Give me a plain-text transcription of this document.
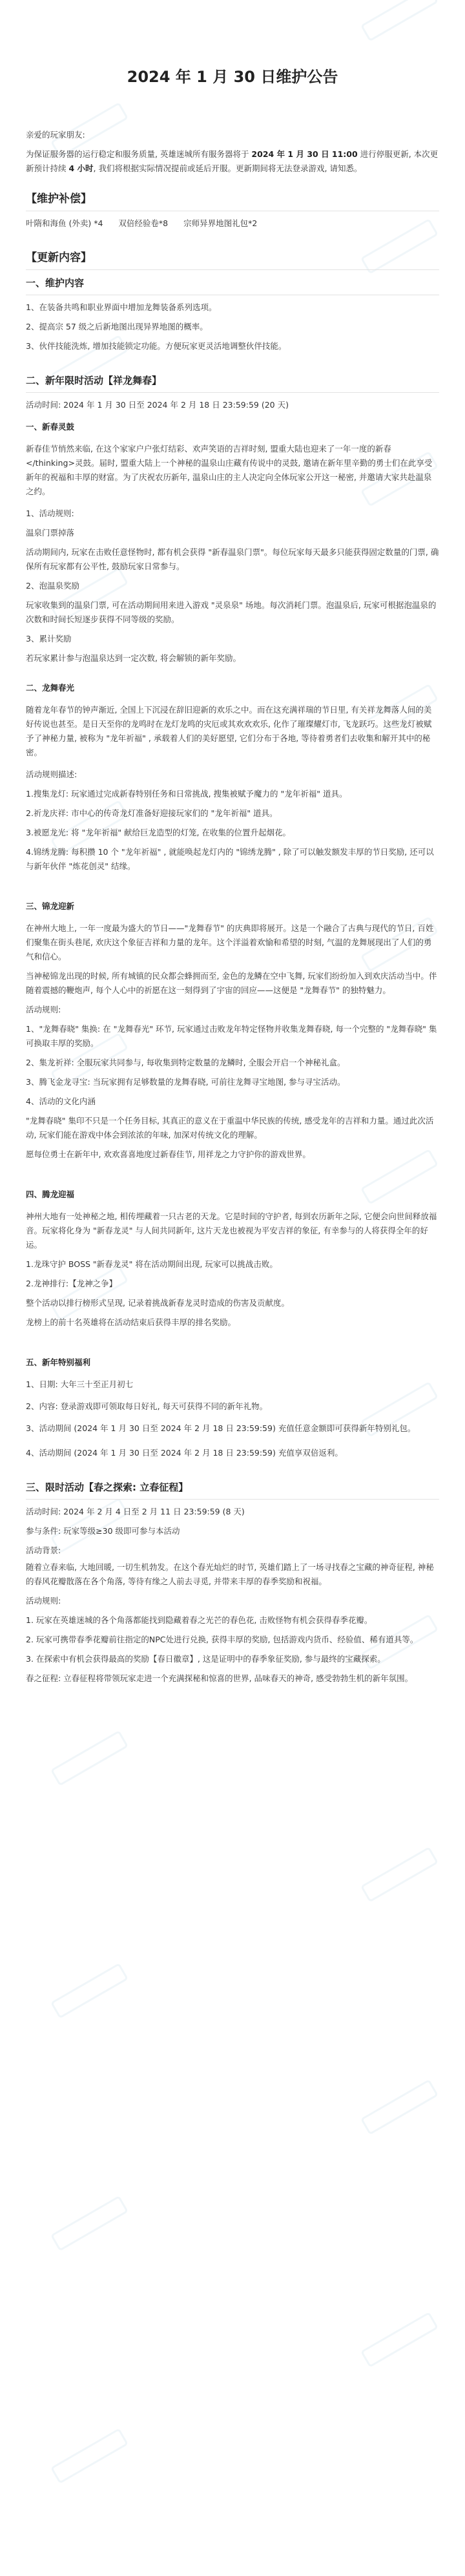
2024 年 1 月 30 日维护公告

亲爱的玩家朋友:

为保证服务器的运行稳定和服务质量, 英雄迷城所有服务器将于 2024 年 1 月 30 日 11:00 进行停服更新, 本次更新预计持续 4 小时, 我们将根据实际情况提前或延后开服。更新期间将无法登录游戏, 请知悉。

【维护补偿】

叶隋和海鱼 (外卖) *4 双倍经验卷*8 宗师异界地图礼包*2

【更新内容】
一、维护内容

1、在装备共鸣和职业界面中增加龙舞装备系列选项。

2、提高宗 57 级之后新地图出现异界地图的概率。

3、伙伴技能洗炼, 增加技能锁定功能。方便玩家更灵活地调整伙伴技能。

二、新年限时活动【祥龙舞春】

活动时间: 2024 年 1 月 30 日至 2024 年 2 月 18 日 23:59:59 (20 天)

一、新春灵鼓

新春佳节悄然来临, 在这个家家户户张灯结彩、欢声笑语的吉祥时刻, 盟重大陆也迎来了一年一度的新春</thinking>灵鼓。届时, 盟重大陆上一个神秘的温泉山庄藏有传说中的灵鼓, 邀请在新年里辛勤的勇士们在此享受新年的祝福和丰厚的财富。为了庆祝农历新年, 温泉山庄的主人决定向全体玩家公开这一秘密, 并邀请大家共赴温泉之约。

1、活动规则:

温泉门票掉落

活动期间内, 玩家在击败任意怪物时, 都有机会获得 "新春温泉门票"。每位玩家每天最多只能获得固定数量的门票, 确保所有玩家都有公平性, 鼓励玩家日常参与。

2、泡温泉奖励

玩家收集到的温泉门票, 可在活动期间用来进入游戏 "灵泉泉" 场地。每次消耗门票。泡温泉后, 玩家可根据泡温泉的次数和时间长短逐步获得不同等级的奖励。

3、累计奖励

若玩家累计参与泡温泉达到一定次数, 将会解锁的新年奖励。

二、龙舞春光

随着龙年春节的钟声渐近, 全国上下沉浸在辞旧迎新的欢乐之中。而在这充满祥瑞的节日里, 有关祥龙舞落人间的美好传说也甚至。是日天至你的龙鸣时在龙灯龙鸣的灾厄或其欢欢欢乐, 化作了璀璨耀灯市, 飞龙跃巧。这些龙灯被赋予了神秘力量, 被称为 "龙年祈福" , 承载着人们的美好愿望, 它们分布于各地, 等待着勇者们去收集和解开其中的秘密。

活动规则描述:

1.搜集龙灯: 玩家通过完成新春特别任务和日常挑战, 搜集被赋予魔力的 "龙年祈福" 道具。

2.祈龙庆祥: 市中心的传奇龙灯准备好迎接玩家们的 "龙年祈福" 道具。

3.被愿龙光: 将 "龙年祈福" 献给巨龙造型的灯笼, 在收集的位置升起烟花。

4.锦绣龙腾: 每积攒 10 个 "龙年祈福" , 就能唤起龙灯内的 "锦绣龙腾" , 除了可以触发额发丰厚的节日奖励, 还可以与新年伙伴 "炼花创灵" 结缘。

三、锦龙迎新

在神州大地上, 一年一度最为盛大的节日——"龙舞春节" 的庆典即将展开。这是一个融合了古典与现代的节日, 百姓们聚集在街头巷尾, 欢庆这个象征吉祥和力量的龙年。这个洋溢着欢愉和希望的时刻, 气温的龙舞展现出了人们的勇气和信心。

当神秘锦龙出现的时候, 所有城镇的民众都会蜂拥而至, 金色的龙鳞在空中飞舞, 玩家们纷纷加入到欢庆活动当中。伴随着震撼的鞭炮声, 每个人心中的祈愿在这一刻得到了宇宙的回应——这便是 "龙舞春节" 的独特魅力。

活动规则:

1、"龙舞春晓" 集换: 在 "龙舞春光" 环节, 玩家通过击败龙年特定怪物并收集龙舞春晓, 每一个完整的 "龙舞春晓" 集可换取丰厚的奖励。

2、集龙祈祥: 全服玩家共同参与, 每收集到特定数量的龙鳞时, 全服会开启一个神秘礼盒。

3、腾飞金龙寻宝: 当玩家拥有足够数量的龙舞春晓, 可前往龙舞寻宝地图, 参与寻宝活动。

4、活动的文化内涵

"龙舞春晓" 集印不只是一个任务目标, 其真正的意义在于重温中华民族的传统, 感受龙年的吉祥和力量。通过此次活动, 玩家们能在游戏中体会到浓浓的年味, 加深对传统文化的理解。

愿每位勇士在新年中, 欢欢喜喜地度过新春佳节, 用祥龙之力守护你的游戏世界。

四、腾龙迎福

神州大地有一处神秘之地, 相传埋藏着一只古老的天龙。它是时间的守护者, 每到农历新年之际, 它便会向世间释放福音。玩家将化身为 "新春龙灵" 与人间共同新年, 这片天龙也被视为平安吉祥的象征, 有幸参与的人将获得全年的好运。

1.龙珠守护 BOSS "新春龙灵" 将在活动期间出现, 玩家可以挑战击败。

2.龙神排行:【龙神之争】

整个活动以排行榜形式呈现, 记录着挑战新春龙灵时造成的伤害及贡献度。

龙榜上的前十名英雄将在活动结束后获得丰厚的排名奖励。

五、新年特别福利

1、日期: 大年三十至正月初七

2、内容: 登录游戏即可领取每日好礼, 每天可获得不同的新年礼物。

3、活动期间 (2024 年 1 月 30 日至 2024 年 2 月 18 日 23:59:59) 充值任意金额即可获得新年特别礼包。

4、活动期间 (2024 年 1 月 30 日至 2024 年 2 月 18 日 23:59:59) 充值享双倍返利。

三、限时活动【春之探索: 立春征程】

活动时间: 2024 年 2 月 4 日至 2 月 11 日 23:59:59 (8 天)

参与条件: 玩家等级≥30 级即可参与本活动

活动背景:

随着立春来临, 大地回暖, 一切生机勃发。在这个春光灿烂的时节, 英雄们踏上了一场寻找春之宝藏的神奇征程, 神秘的春风花瓣散落在各个角落, 等待有缘之人前去寻觅, 并带来丰厚的春季奖励和祝福。

活动规则:

1. 玩家在英雄迷城的各个角落都能找到隐藏着春之光芒的春色花, 击败怪物有机会获得春季花瓣。

2. 玩家可携带春季花瓣前往指定的NPC处进行兑换, 获得丰厚的奖励, 包括游戏内货币、经验值、稀有道具等。

3. 在探索中有机会获得最高的奖励【春日徽章】, 这是证明中的春季象征奖励, 参与最终的宝藏探索。

春之征程: 立春征程将带领玩家走进一个充满探秘和惊喜的世界, 品味春天的神奇, 感受勃勃生机的新年氛围。
